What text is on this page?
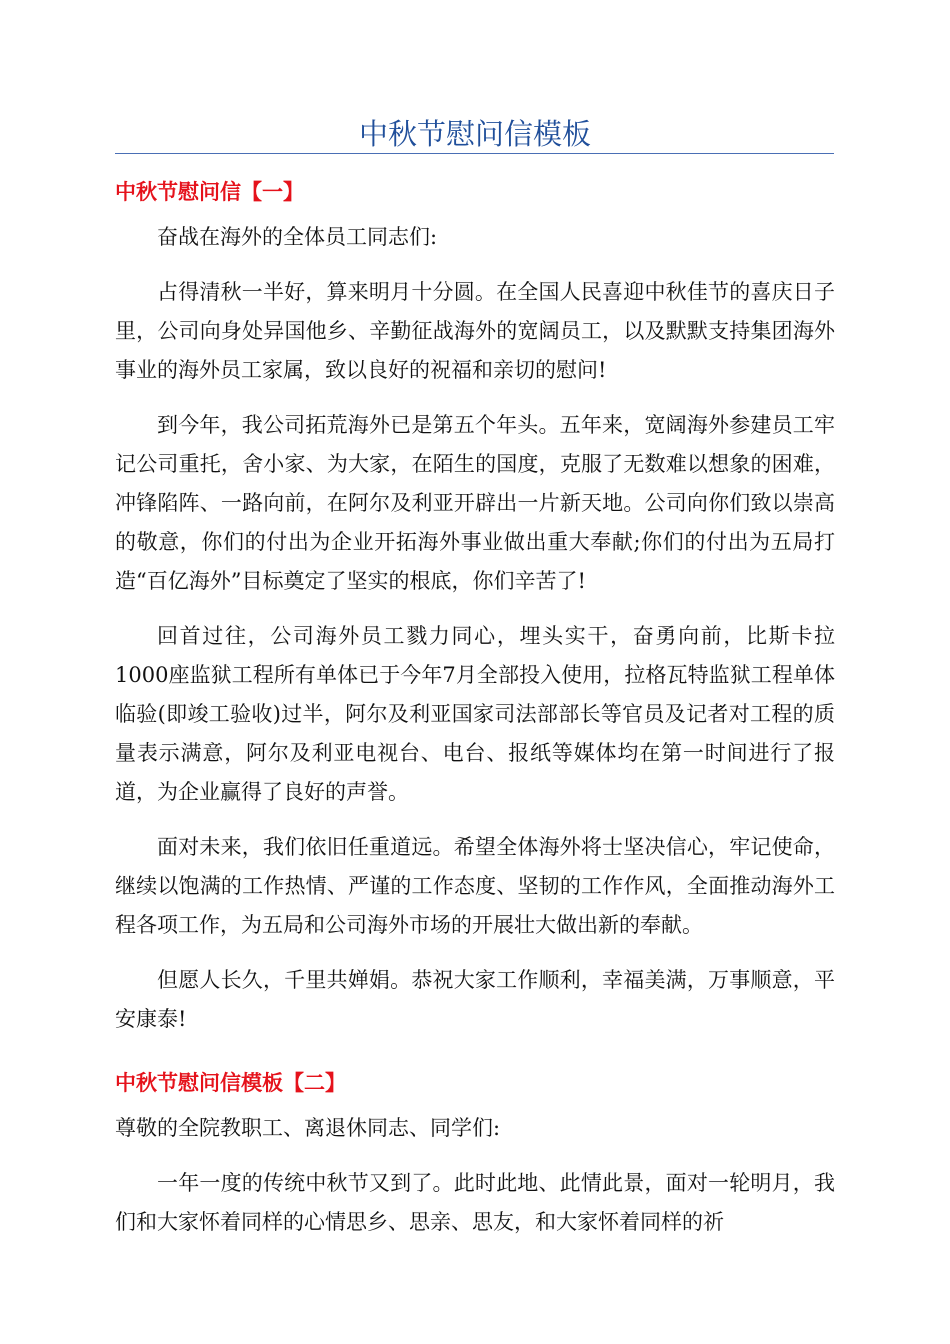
中秋节慰问信模板
中秋节慰问信【一】

奋战在海外的全体员工同志们:

占得清秋一半好，算来明月十分圆。在全国人民喜迎中秋佳节的喜庆日子里，公司向身处异国他乡、辛勤征战海外的宽阔员工，以及默默支持集团海外事业的海外员工家属，致以良好的祝福和亲切的慰问!

到今年，我公司拓荒海外已是第五个年头。五年来，宽阔海外参建员工牢记公司重托，舍小家、为大家，在陌生的国度，克服了无数难以想象的困难，冲锋陷阵、一路向前，在阿尔及利亚开辟出一片新天地。公司向你们致以崇高的敬意，你们的付出为企业开拓海外事业做出重大奉献;你们的付出为五局打造“百亿海外”目标奠定了坚实的根底，你们辛苦了!

回首过往，公司海外员工戮力同心，埋头实干，奋勇向前，比斯卡拉1000座监狱工程所有单体已于今年7月全部投入使用，拉格瓦特监狱工程单体临验(即竣工验收)过半，阿尔及利亚国家司法部部长等官员及记者对工程的质量表示满意，阿尔及利亚电视台、电台、报纸等媒体均在第一时间进行了报道，为企业赢得了良好的声誉。

面对未来，我们依旧任重道远。希望全体海外将士坚决信心，牢记使命，继续以饱满的工作热情、严谨的工作态度、坚韧的工作作风，全面推动海外工程各项工作，为五局和公司海外市场的开展壮大做出新的奉献。

但愿人长久，千里共婵娟。恭祝大家工作顺利，幸福美满，万事顺意，平安康泰!

中秋节慰问信模板【二】

尊敬的全院教职工、离退休同志、同学们:

一年一度的传统中秋节又到了。此时此地、此情此景，面对一轮明月，我们和大家怀着同样的心情思乡、思亲、思友，和大家怀着同样的祈
